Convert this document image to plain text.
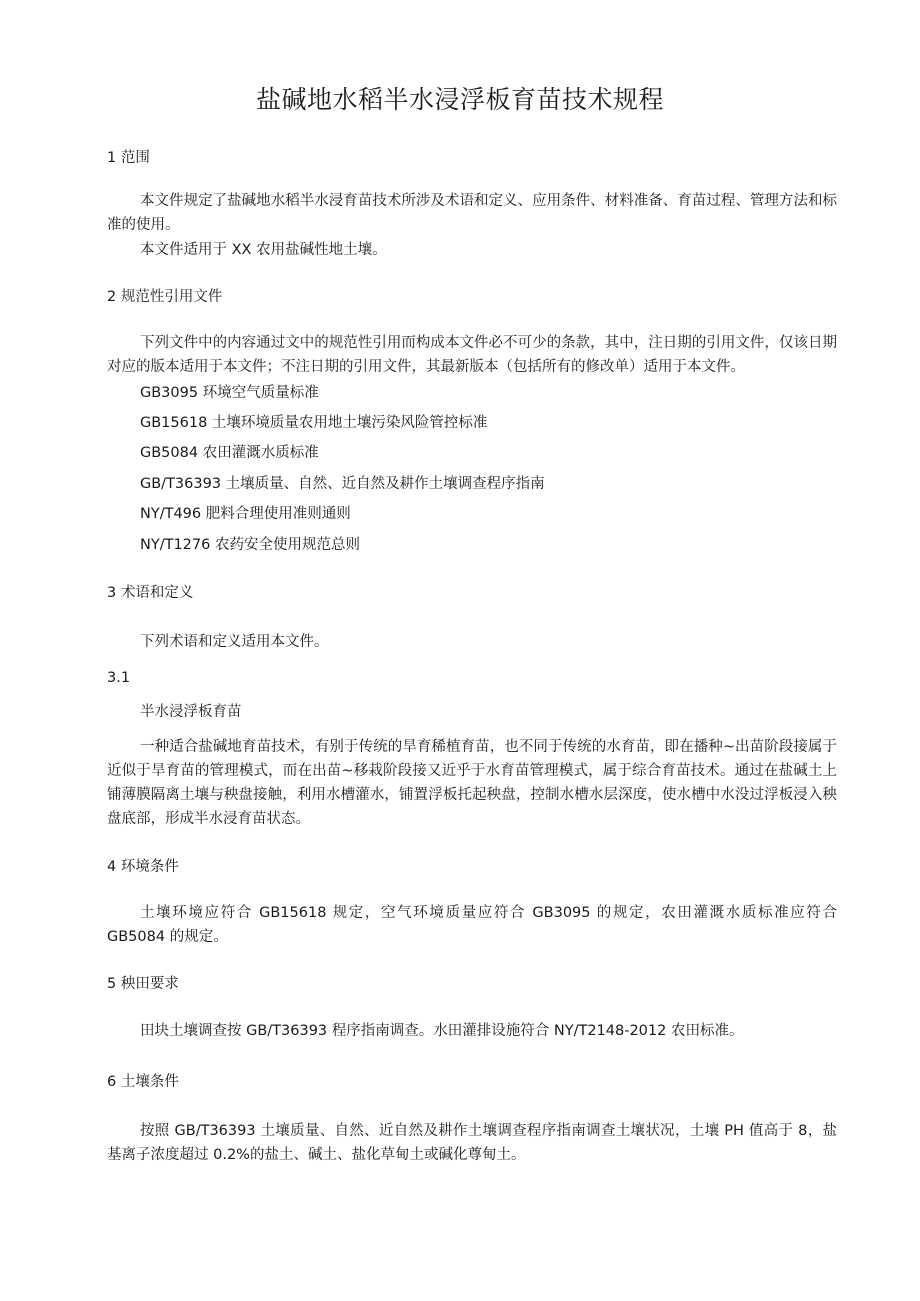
盐碱地水稻半水浸浮板育苗技术规程

1 范围

本文件规定了盐碱地水稻半水浸育苗技术所涉及术语和定义、应用条件、材料准备、育苗过程、管理方法和标准的使用。

本文件适用于 XX 农用盐碱性地土壤。

2 规范性引用文件

下列文件中的内容通过文中的规范性引用而构成本文件必不可少的条款，其中，注日期的引用文件，仅该日期对应的版本适用于本文件；不注日期的引用文件，其最新版本（包括所有的修改单）适用于本文件。

GB3095 环境空气质量标准

GB15618 土壤环境质量农用地土壤污染风险管控标准

GB5084 农田灌溉水质标准

GB/T36393 土壤质量、自然、近自然及耕作土壤调查程序指南

NY/T496 肥料合理使用准则通则

NY/T1276 农药安全使用规范总则

3 术语和定义

下列术语和定义适用本文件。

3.1

半水浸浮板育苗

一种适合盐碱地育苗技术，有别于传统的旱育稀植育苗，也不同于传统的水育苗，即在播种~出苗阶段接属于近似于旱育苗的管理模式，而在出苗~移栽阶段接又近乎于水育苗管理模式，属于综合育苗技术。通过在盐碱土上铺薄膜隔离土壤与秧盘接触，利用水槽灌水，铺置浮板托起秧盘，控制水槽水层深度，使水槽中水没过浮板浸入秧盘底部，形成半水浸育苗状态。

4 环境条件

土壤环境应符合 GB15618 规定，空气环境质量应符合 GB3095 的规定，农田灌溉水质标准应符合 GB5084 的规定。

5 秧田要求

田块土壤调查按 GB/T36393 程序指南调查。水田灌排设施符合 NY/T2148-2012 农田标准。

6 土壤条件

按照 GB/T36393 土壤质量、自然、近自然及耕作土壤调查程序指南调查土壤状况，土壤 PH 值高于 8，盐基离子浓度超过 0.2%的盐土、碱土、盐化草甸土或碱化尊甸土。
